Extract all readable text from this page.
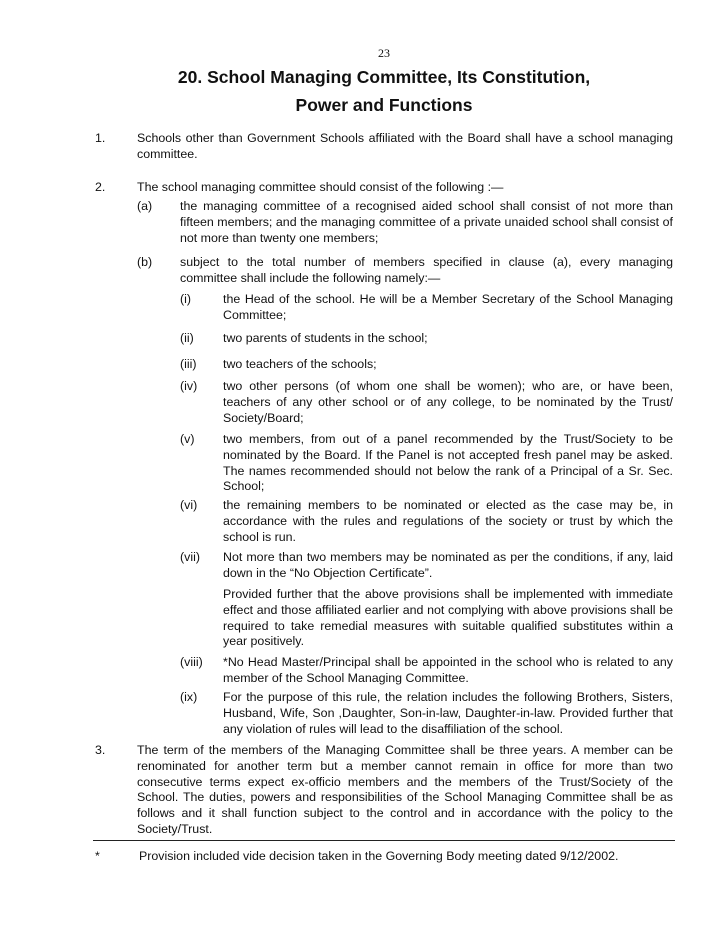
23
20. School Managing Committee, Its Constitution,
Power and Functions
1.	Schools other than Government Schools affiliated with the Board shall have a school managing committee.
2.	The school managing committee should consist of the following :—
(a) the managing committee of a recognised aided school shall consist of not more than fifteen members; and the managing committee of a private unaided school shall consist of not more than twenty one members;
(b) subject to the total number of members specified in clause (a), every managing committee shall include the following namely:—
(i)	the Head of the school. He will be a Member Secretary of the School Managing Committee;
(ii) two parents of students in the school;
(iii) two teachers of the schools;
(iv) two other persons (of whom one shall be women); who are, or have been, teachers of any other school or of any college, to be nominated by the Trust/ Society/Board;
(v) two members, from out of a panel recommended by the Trust/Society to be nominated by the Board. If the Panel is not accepted fresh panel may be asked. The names recommended should not below the rank of a Principal of a Sr. Sec. School;
(vi) the remaining members to be nominated or elected as the case may be, in accordance with the rules and regulations of the society or trust by which the school is run.
(vii) Not more than two members may be nominated as per the conditions, if any, laid down in the “No Objection Certificate”.
Provided further that the above provisions shall be implemented with immediate effect and those affiliated earlier and not complying with above provisions shall be required to take remedial measures with suitable qualified substitutes within a year positively.
(viii) *No Head Master/Principal shall be appointed in the school who is related to any member of the School Managing Committee.
(ix) For the purpose of this rule, the relation includes the following Brothers, Sisters, Husband, Wife, Son ,Daughter, Son-in-law, Daughter-in-law. Provided further that any violation of rules will lead to the disaffiliation of the school.
3.	The term of the members of the Managing Committee shall be three years. A member can be renominated for another term but a member cannot remain in office for more than two consecutive terms expect ex-officio members and the members of the Trust/Society of the School. The duties, powers and responsibilities of the School Managing Committee shall be as follows and it shall function subject to the control and in accordance with the policy to the Society/Trust.
*	Provision included vide decision taken in the Governing Body meeting dated 9/12/2002.
